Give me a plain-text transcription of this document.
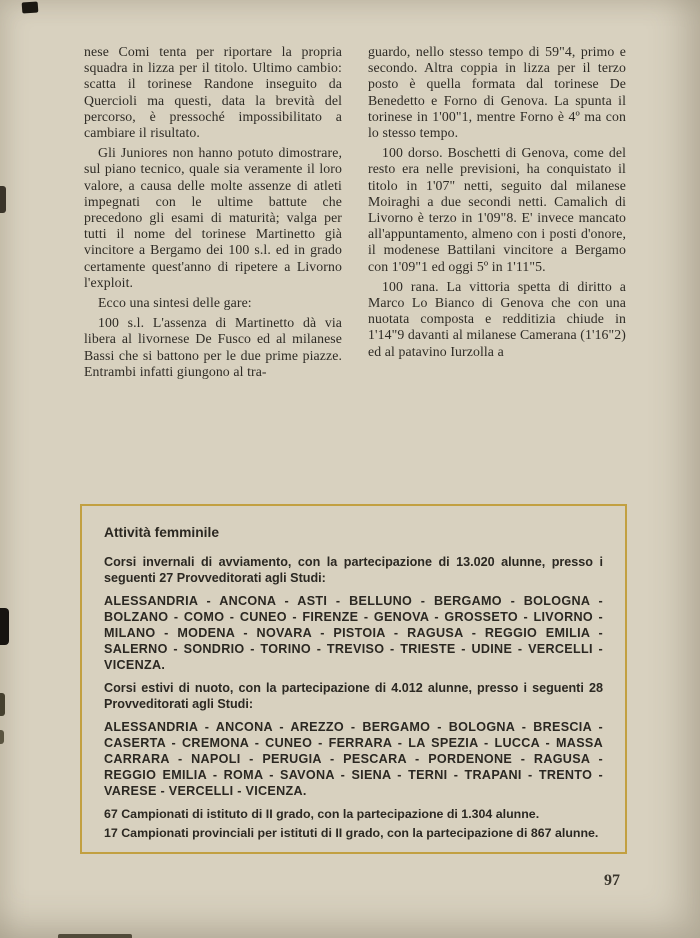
nese Comi tenta per riportare la propria squadra in lizza per il titolo. Ultimo cambio: scatta il torinese Randone inseguito da Quercioli ma questi, data la brevità del percorso, è pressoché impossibilitato a cambiare il risultato.

Gli Juniores non hanno potuto dimostrare, sul piano tecnico, quale sia veramente il loro valore, a causa delle molte assenze di atleti impegnati con le ultime battute che precedono gli esami di maturità; valga per tutti il nome del torinese Martinetto già vincitore a Bergamo dei 100 s.l. ed in grado certamente quest'anno di ripetere a Livorno l'exploit.

Ecco una sintesi delle gare:

100 s.l. L'assenza di Martinetto dà via libera al livornese De Fusco ed al milanese Bassi che si battono per le due prime piazze. Entrambi infatti giungono al tra-

guardo, nello stesso tempo di 59"4, primo e secondo. Altra coppia in lizza per il terzo posto è quella formata dal torinese De Benedetto e Forno di Genova. La spunta il torinese in 1'00"1, mentre Forno è 4º ma con lo stesso tempo.

100 dorso. Boschetti di Genova, come del resto era nelle previsioni, ha conquistato il titolo in 1'07" netti, seguito dal milanese Moiraghi a due secondi netti. Camalich di Livorno è terzo in 1'09"8. E' invece mancato all'appuntamento, almeno con i posti d'onore, il modenese Battilani vincitore a Bergamo con 1'09"1 ed oggi 5º in 1'11"5.

100 rana. La vittoria spetta di diritto a Marco Lo Bianco di Genova che con una nuotata composta e redditizia chiude in 1'14"9 davanti al milanese Camerana (1'16"2) ed al patavino Iurzolla a

Attività femminile

Corsi invernali di avviamento, con la partecipazione di 13.020 alunne, presso i seguenti 27 Provveditorati agli Studi:

ALESSANDRIA - ANCONA - ASTI - BELLUNO - BERGAMO - BOLOGNA - BOLZANO - COMO - CUNEO - FIRENZE - GENOVA - GROSSETO - LIVORNO - MILANO - MODENA - NOVARA - PISTOIA - RAGUSA - REGGIO EMILIA - SALERNO - SONDRIO - TORINO - TREVISO - TRIESTE - UDINE - VERCELLI - VICENZA.

Corsi estivi di nuoto, con la partecipazione di 4.012 alunne, presso i seguenti 28 Provveditorati agli Studi:

ALESSANDRIA - ANCONA - AREZZO - BERGAMO - BOLOGNA - BRESCIA - CASERTA - CREMONA - CUNEO - FERRARA - LA SPEZIA - LUCCA - MASSA CARRARA - NAPOLI - PERUGIA - PESCARA - PORDENONE - RAGUSA - REGGIO EMILIA - ROMA - SAVONA - SIENA - TERNI - TRAPANI - TRENTO - VARESE - VERCELLI - VICENZA.

67 Campionati di istituto di II grado, con la partecipazione di 1.304 alunne.

17 Campionati provinciali per istituti di II grado, con la partecipazione di 867 alunne.

97
